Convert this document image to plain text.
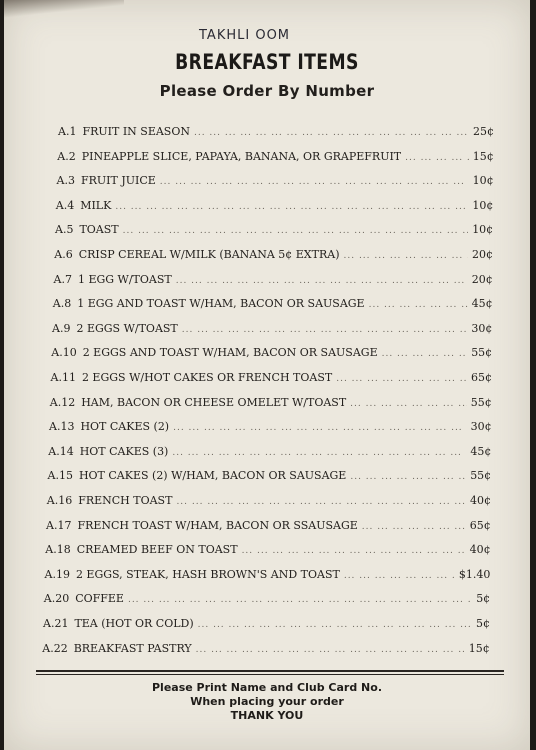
TAKHLI OOM
BREAKFAST ITEMS
Please Order By Number
A.1 FRUIT IN SEASON ... .	25¢
A.2 PINEAPPLE SLICE, PAPAYA, BANANA, OR GRAPEFRUIT ... .	15¢
A.3 FRUIT JUICE ... .	10¢
A.4 MILK ... .	10¢
A.5 TOAST ... .	10¢
A.6 CRISP CEREAL W/MILK (BANANA 5¢ EXTRA) ... .	20¢
A.7 1 EGG W/TOAST ... .	20¢
A.8 1 EGG AND TOAST W/HAM, BACON OR SAUSAGE ... .	45¢
A.9 2 EGGS W/TOAST ... .	30¢
A.10 2 EGGS AND TOAST W/HAM, BACON OR SAUSAGE ... .	55¢
A.11 2 EGGS W/HOT CAKES OR FRENCH TOAST ... .	65¢
A.12 HAM, BACON OR CHEESE OMELET W/TOAST ... .	55¢
A.13 HOT CAKES (2) ... .	30¢
A.14 HOT CAKES (3) ... .	45¢
A.15 HOT CAKES (2) W/HAM, BACON OR SAUSAGE ... .	55¢
A.16 FRENCH TOAST ... .	40¢
A.17 FRENCH TOAST W/HAM, BACON OR SSAUSAGE ... .	65¢
A.18 CREAMED BEEF ON TOAST ... .	40¢
A.19 2 EGGS, STEAK, HASH BROWN'S AND TOAST ... .	$1.40
A.20 COFFEE ... .	5¢
A.21 TEA (HOT OR COLD) ... .	5¢
A.22 BREAKFAST PASTRY ... .	15¢
Please Print Name and Club Card No.
When placing your order
THANK YOU
